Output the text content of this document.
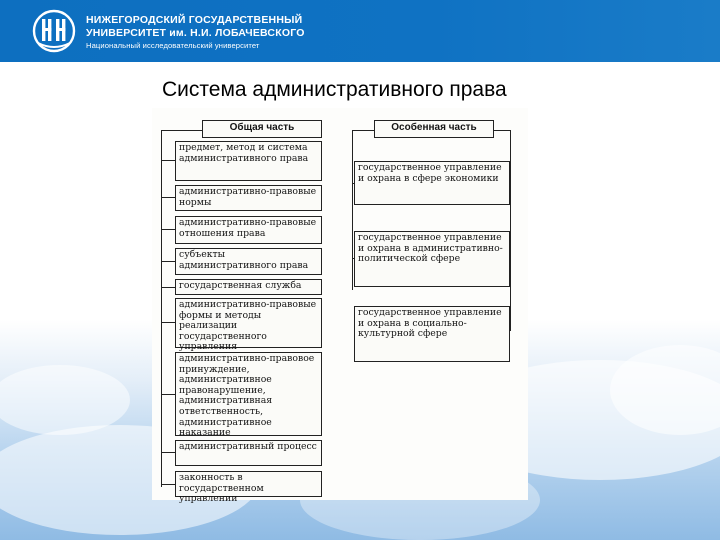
НИЖЕГОРОДСКИЙ ГОСУДАРСТВЕННЫЙ
УНИВЕРСИТЕТ им. Н.И. ЛОБАЧЕВСКОГО
Национальный исследовательский университет
Система административного права
Общая часть	Особенная часть
предмет, метод и система административного права
административно-правовые нормы
административно-правовые отношения права
субъекты административного права
государственная служба
административно-правовые формы и методы реализации государственного управления
административно-правовое принуждение, административное правонарушение, административная ответственность, административное наказание
административный процесс
законность в государственном управлении
государственное управление и охрана в сфере экономики
государственное управление и охрана в административно-политической сфере
государственное управление и охрана в социально-культурной сфере
